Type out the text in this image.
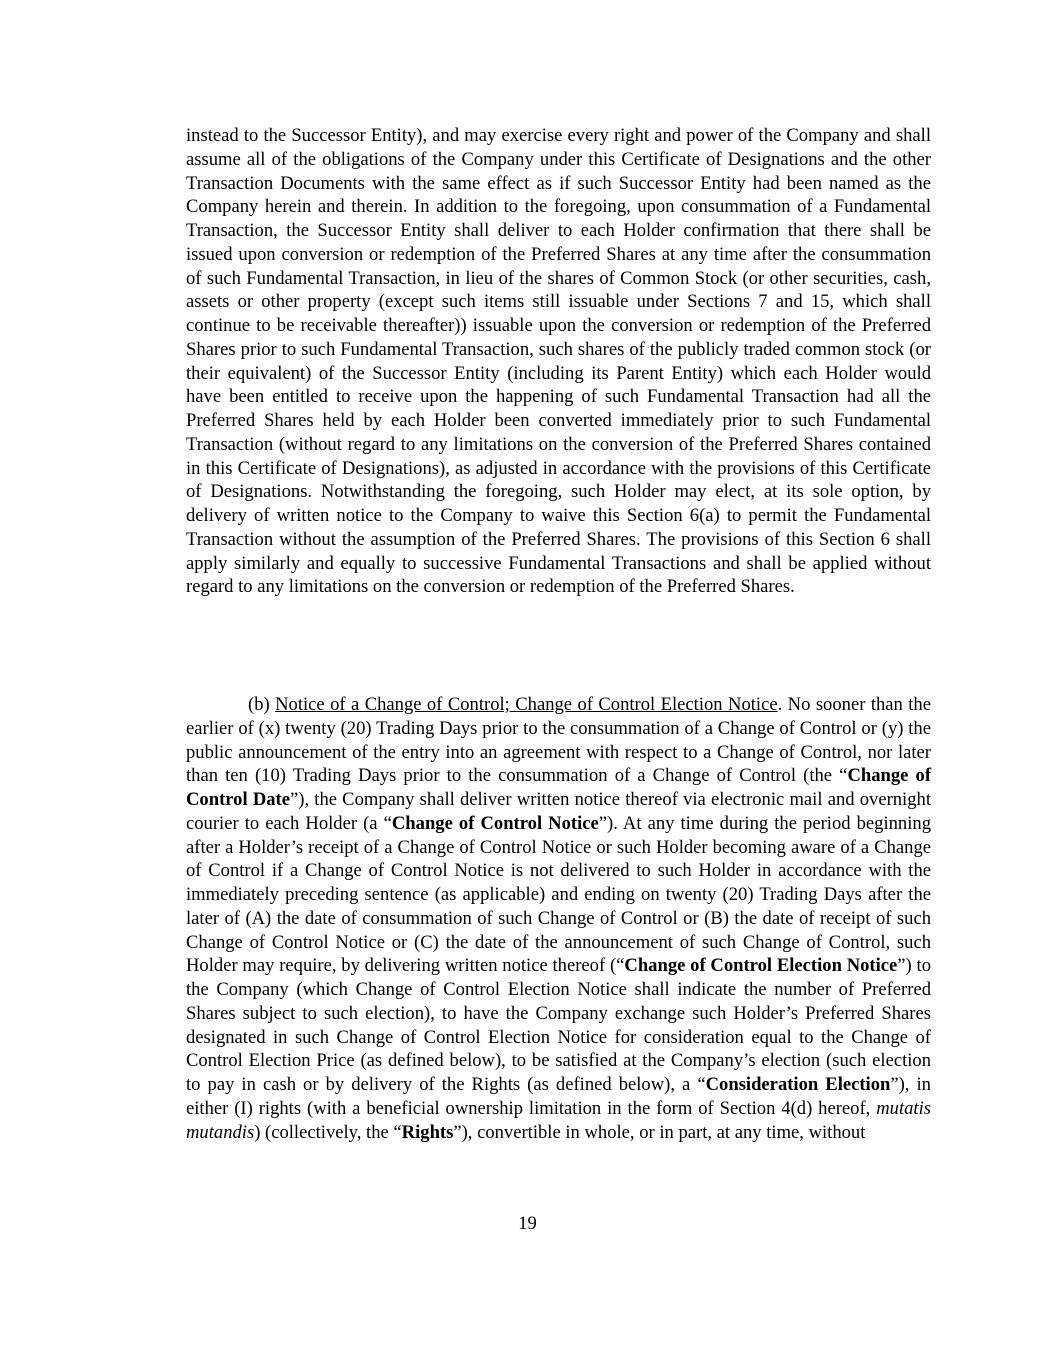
instead to the Successor Entity), and may exercise every right and power of the Company and shall assume all of the obligations of the Company under this Certificate of Designations and the other Transaction Documents with the same effect as if such Successor Entity had been named as the Company herein and therein. In addition to the foregoing, upon consummation of a Fundamental Transaction, the Successor Entity shall deliver to each Holder confirmation that there shall be issued upon conversion or redemption of the Preferred Shares at any time after the consummation of such Fundamental Transaction, in lieu of the shares of Common Stock (or other securities, cash, assets or other property (except such items still issuable under Sections 7 and 15, which shall continue to be receivable thereafter)) issuable upon the conversion or redemption of the Preferred Shares prior to such Fundamental Transaction, such shares of the publicly traded common stock (or their equivalent) of the Successor Entity (including its Parent Entity) which each Holder would have been entitled to receive upon the happening of such Fundamental Transaction had all the Preferred Shares held by each Holder been converted immediately prior to such Fundamental Transaction (without regard to any limitations on the conversion of the Preferred Shares contained in this Certificate of Designations), as adjusted in accordance with the provisions of this Certificate of Designations. Notwithstanding the foregoing, such Holder may elect, at its sole option, by delivery of written notice to the Company to waive this Section 6(a) to permit the Fundamental Transaction without the assumption of the Preferred Shares. The provisions of this Section 6 shall apply similarly and equally to successive Fundamental Transactions and shall be applied without regard to any limitations on the conversion or redemption of the Preferred Shares.

(b) Notice of a Change of Control; Change of Control Election Notice. No sooner than the earlier of (x) twenty (20) Trading Days prior to the consummation of a Change of Control or (y) the public announcement of the entry into an agreement with respect to a Change of Control, nor later than ten (10) Trading Days prior to the consummation of a Change of Control (the “Change of Control Date”), the Company shall deliver written notice thereof via electronic mail and overnight courier to each Holder (a “Change of Control Notice”). At any time during the period beginning after a Holder’s receipt of a Change of Control Notice or such Holder becoming aware of a Change of Control if a Change of Control Notice is not delivered to such Holder in accordance with the immediately preceding sentence (as applicable) and ending on twenty (20) Trading Days after the later of (A) the date of consummation of such Change of Control or (B) the date of receipt of such Change of Control Notice or (C) the date of the announcement of such Change of Control, such Holder may require, by delivering written notice thereof (“Change of Control Election Notice”) to the Company (which Change of Control Election Notice shall indicate the number of Preferred Shares subject to such election), to have the Company exchange such Holder’s Preferred Shares designated in such Change of Control Election Notice for consideration equal to the Change of Control Election Price (as defined below), to be satisfied at the Company’s election (such election to pay in cash or by delivery of the Rights (as defined below), a “Consideration Election”), in either (I) rights (with a beneficial ownership limitation in the form of Section 4(d) hereof, mutatis mutandis) (collectively, the “Rights”), convertible in whole, or in part, at any time, without

19
